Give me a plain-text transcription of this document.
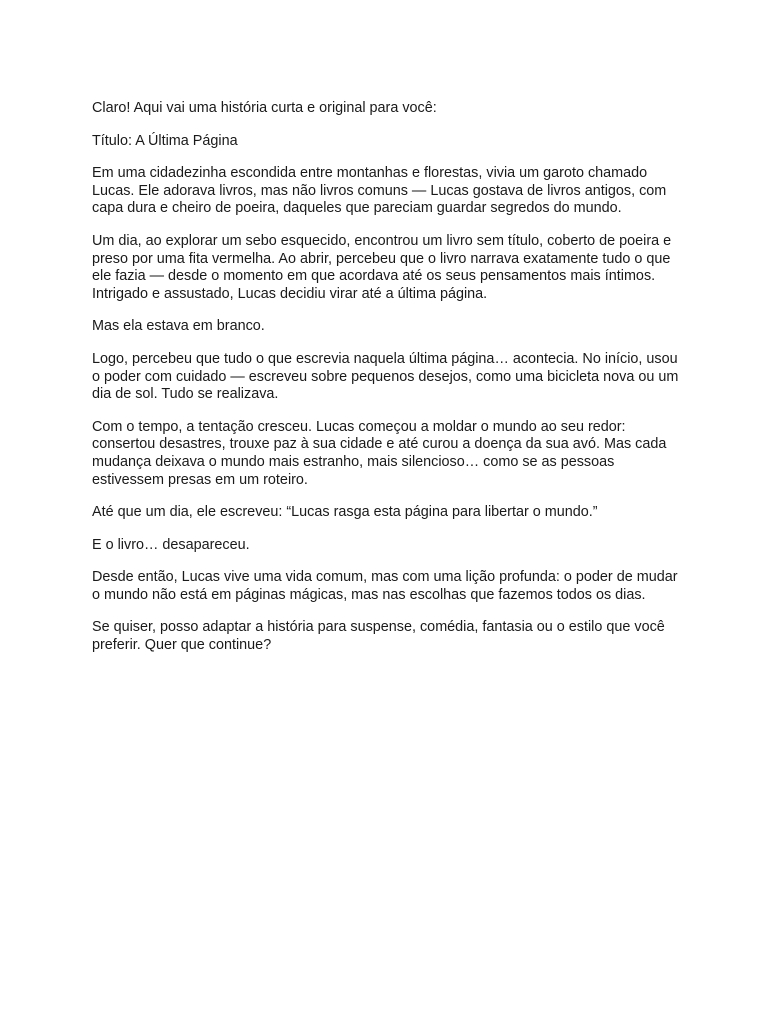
Claro! Aqui vai uma história curta e original para você:

Título: A Última Página

Em uma cidadezinha escondida entre montanhas e florestas, vivia um garoto chamado Lucas. Ele adorava livros, mas não livros comuns — Lucas gostava de livros antigos, com capa dura e cheiro de poeira, daqueles que pareciam guardar segredos do mundo.

Um dia, ao explorar um sebo esquecido, encontrou um livro sem título, coberto de poeira e preso por uma fita vermelha. Ao abrir, percebeu que o livro narrava exatamente tudo o que ele fazia — desde o momento em que acordava até os seus pensamentos mais íntimos. Intrigado e assustado, Lucas decidiu virar até a última página.

Mas ela estava em branco.

Logo, percebeu que tudo o que escrevia naquela última página… acontecia. No início, usou o poder com cuidado — escreveu sobre pequenos desejos, como uma bicicleta nova ou um dia de sol. Tudo se realizava.

Com o tempo, a tentação cresceu. Lucas começou a moldar o mundo ao seu redor: consertou desastres, trouxe paz à sua cidade e até curou a doença da sua avó. Mas cada mudança deixava o mundo mais estranho, mais silencioso… como se as pessoas estivessem presas em um roteiro.

Até que um dia, ele escreveu: “Lucas rasga esta página para libertar o mundo.”

E o livro… desapareceu.

Desde então, Lucas vive uma vida comum, mas com uma lição profunda: o poder de mudar o mundo não está em páginas mágicas, mas nas escolhas que fazemos todos os dias.

Se quiser, posso adaptar a história para suspense, comédia, fantasia ou o estilo que você preferir. Quer que continue?
